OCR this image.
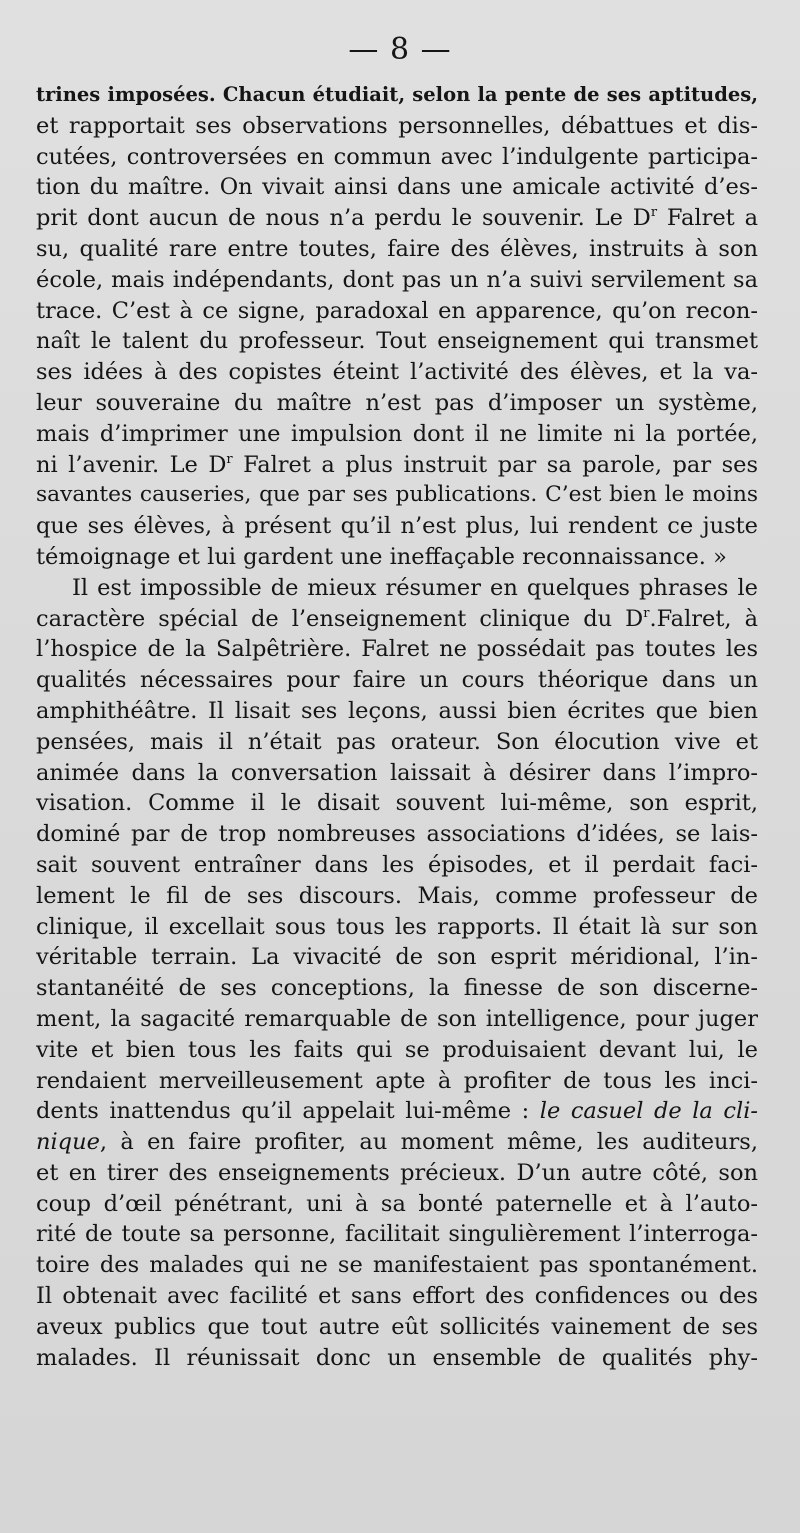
— 8 —
trines imposées. Chacun étudiait, selon la pente de ses aptitudes,
et rapportait ses observations personnelles, débattues et dis-
cutées, controversées en commun avec l’indulgente participa-
tion du maître. On vivait ainsi dans une amicale activité d’es-
prit dont aucun de nous n’a perdu le souvenir. Le $D^r$ Falret a
su, qualité rare entre toutes, faire des élèves, instruits à son
école, mais indépendants, dont pas un n’a suivi servilement sa
trace. C’est à ce signe, paradoxal en apparence, qu’on recon-
naît le talent du professeur. Tout enseignement qui transmet
ses idées à des copistes éteint l’activité des élèves, et la va-
leur souveraine du maître n’est pas d’imposer un système,
mais d’imprimer une impulsion dont il ne limite ni la portée,
ni l’avenir. Le $D^r$ Falret a plus instruit par sa parole, par ses
savantes causeries, que par ses publications. C’est bien le moins
que ses élèves, à présent qu’il n’est plus, lui rendent ce juste
témoignage et lui gardent une ineffaçable reconnaissance. »
Il est impossible de mieux résumer en quelques phrases le
caractère spécial de l’enseignement clinique du $D^r.Falret$, à
l’hospice de la Salpêtrière. Falret ne possédait pas toutes les
qualités nécessaires pour faire un cours théorique dans un
amphithéâtre. Il lisait ses leçons, aussi bien écrites que bien
pensées, mais il n’était pas orateur. Son élocution vive et
animée dans la conversation laissait à désirer dans l’impro-
visation. Comme il le disait souvent lui-même, son esprit,
dominé par de trop nombreuses associations d’idées, se lais-
sait souvent entraîner dans les épisodes, et il perdait faci-
lement le fil de ses discours. Mais, comme professeur de
clinique, il excellait sous tous les rapports. Il était là sur son
véritable terrain. La vivacité de son esprit méridional, l’in-
stantanéité de ses conceptions, la finesse de son discerne-
ment, la sagacité remarquable de son intelligence, pour juger
vite et bien tous les faits qui se produisaient devant lui, le
rendaient merveilleusement apte à profiter de tous les inci-
dents inattendus qu’il appelait lui-même : le casuel de la cli-
nique, à en faire profiter, au moment même, les auditeurs,
et en tirer des enseignements précieux. D’un autre côté, son
coup d’œil pénétrant, uni à sa bonté paternelle et à l’auto-
rité de toute sa personne, facilitait singulièrement l’interroga-
toire des malades qui ne se manifestaient pas spontanément.
Il obtenait avec facilité et sans effort des confidences ou des
aveux publics que tout autre eût sollicités vainement de ses
malades. Il réunissait donc un ensemble de qualités phy-
